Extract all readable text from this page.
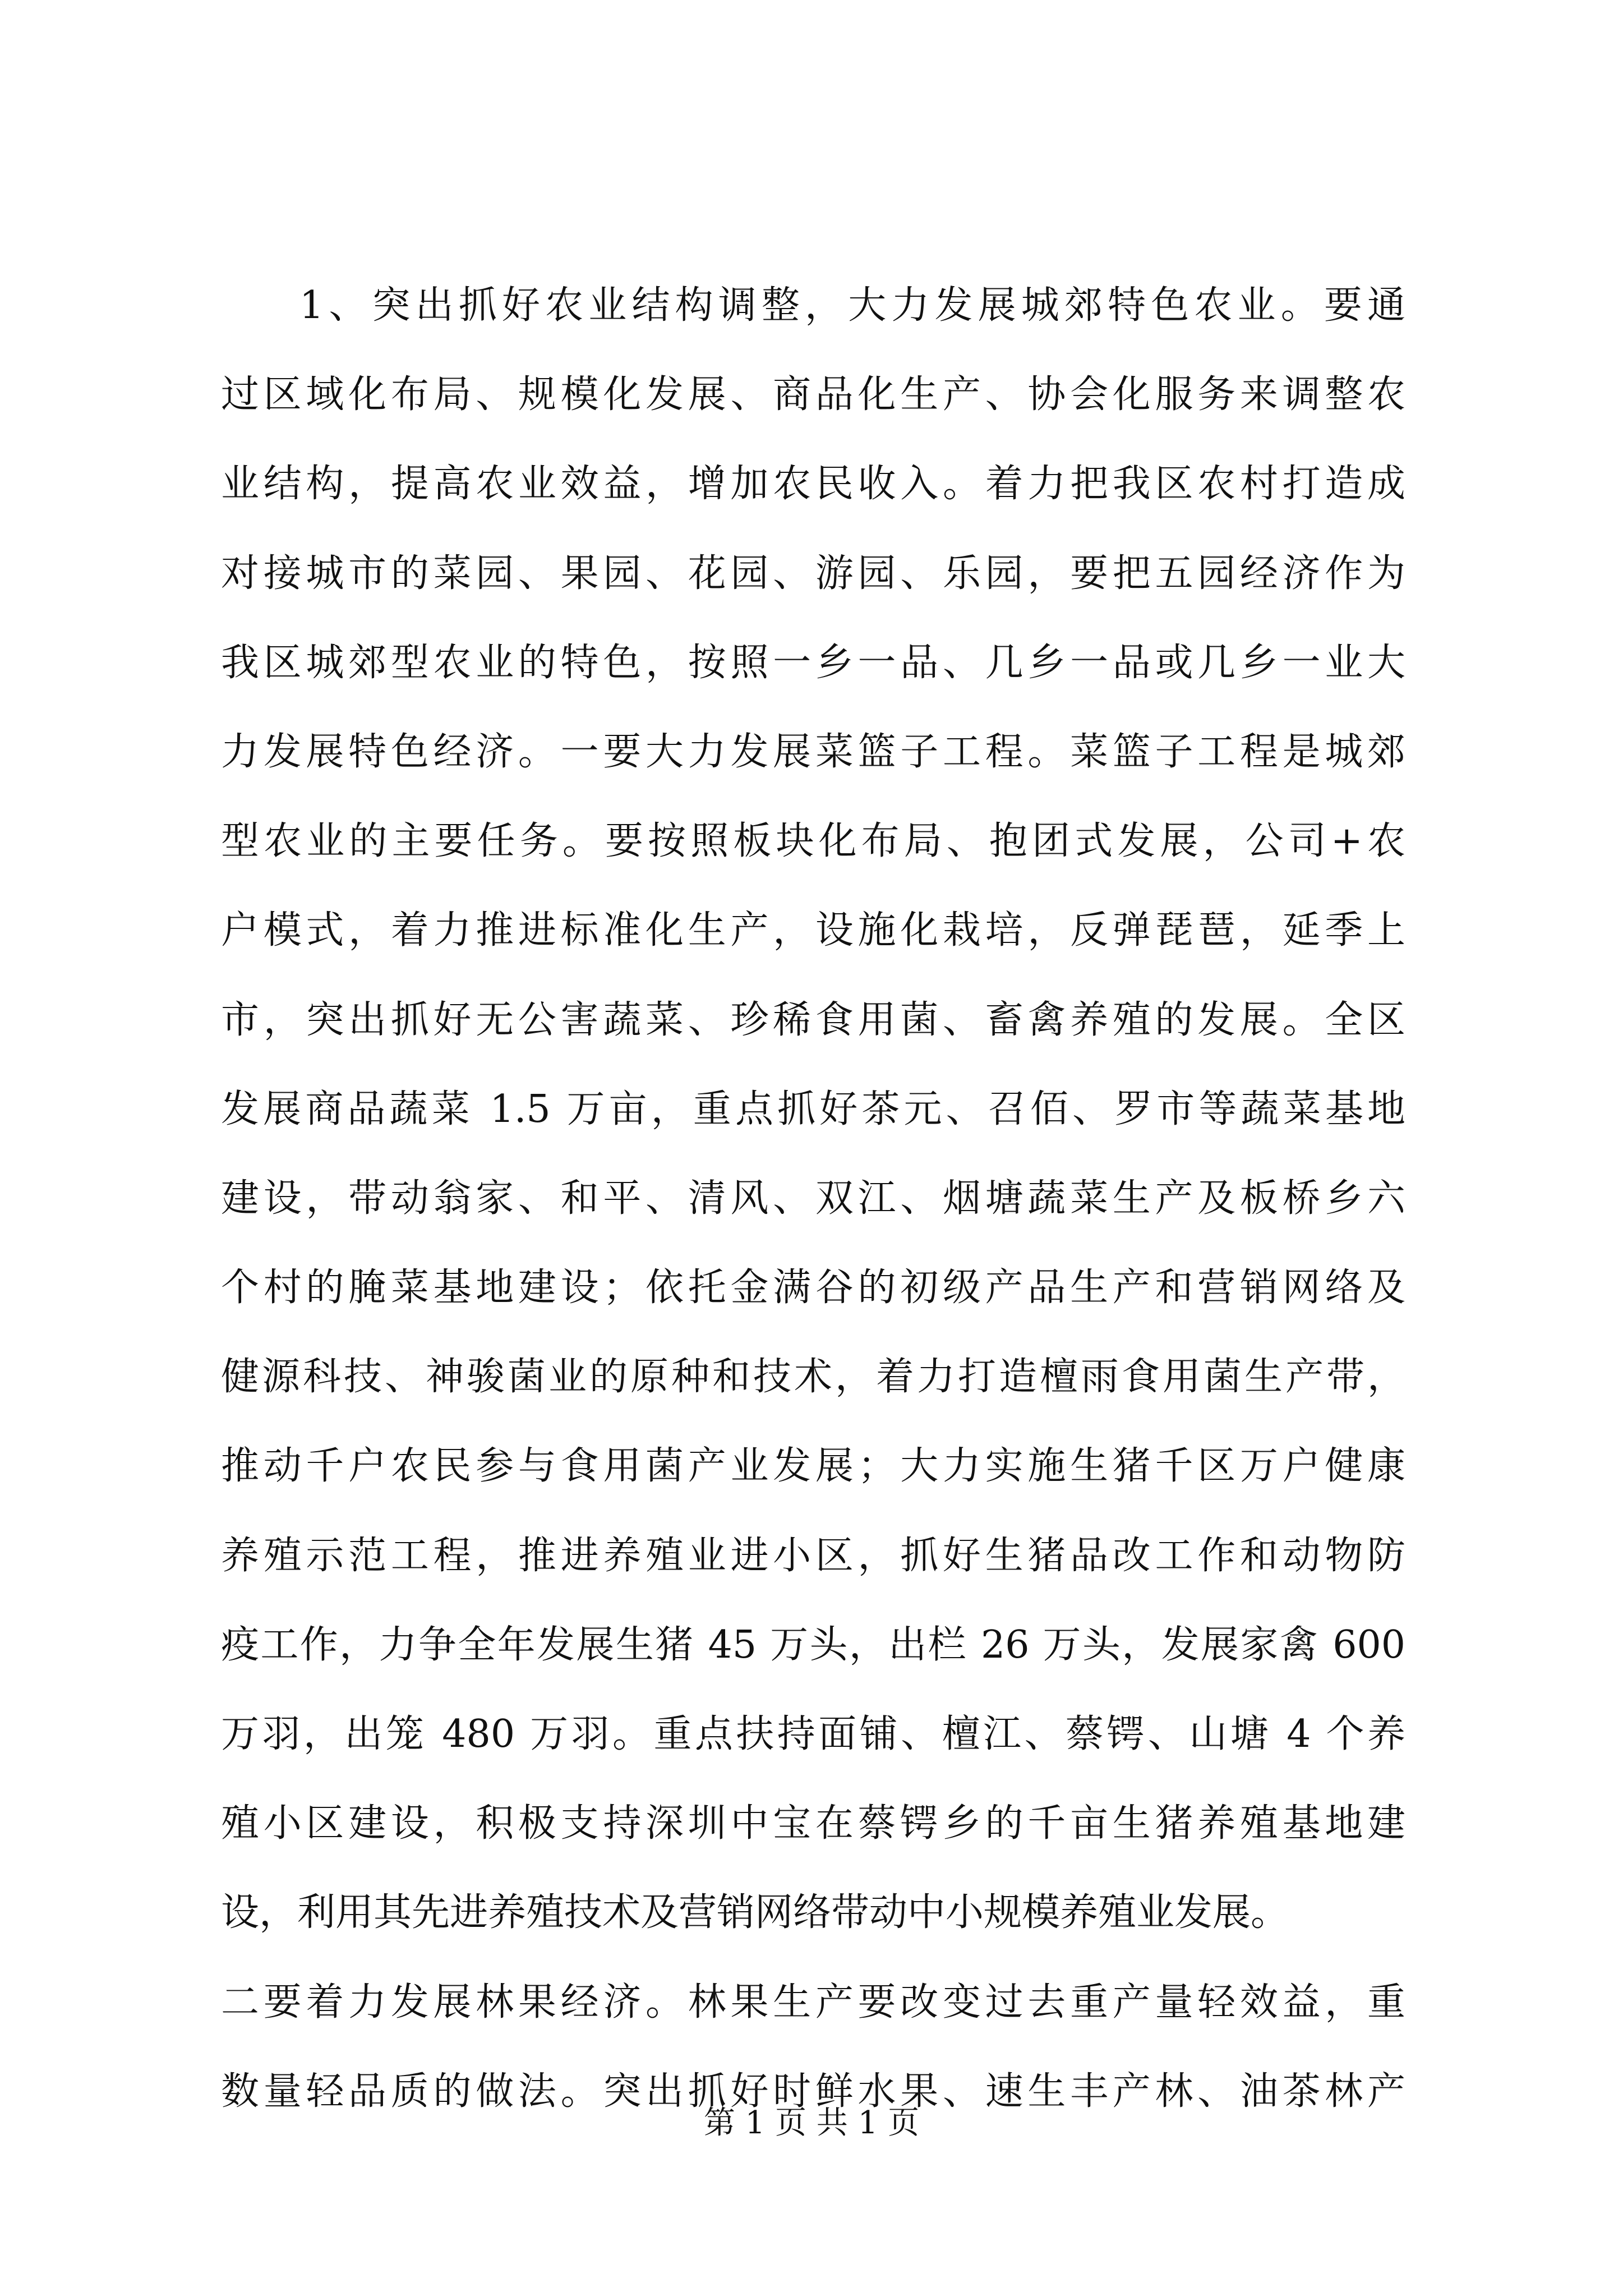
1、突出抓好农业结构调整，大力发展城郊特色农业。要通
过区域化布局、规模化发展、商品化生产、协会化服务来调整农
业结构，提高农业效益，增加农民收入。着力把我区农村打造成
对接城市的菜园、果园、花园、游园、乐园，要把五园经济作为
我区城郊型农业的特色，按照一乡一品、几乡一品或几乡一业大
力发展特色经济。一要大力发展菜篮子工程。菜篮子工程是城郊
型农业的主要任务。要按照板块化布局、抱团式发展，公司+农
户模式，着力推进标准化生产，设施化栽培，反弹琵琶，延季上
市，突出抓好无公害蔬菜、珍稀食用菌、畜禽养殖的发展。全区
发展商品蔬菜 1.5 万亩，重点抓好茶元、召佰、罗市等蔬菜基地
建设，带动翁家、和平、清风、双江、烟塘蔬菜生产及板桥乡六
个村的腌菜基地建设；依托金满谷的初级产品生产和营销网络及
健源科技、神骏菌业的原种和技术，着力打造檀雨食用菌生产带，
推动千户农民参与食用菌产业发展；大力实施生猪千区万户健康
养殖示范工程，推进养殖业进小区，抓好生猪品改工作和动物防
疫工作，力争全年发展生猪 45 万头，出栏 26 万头，发展家禽 600
万羽，出笼 480 万羽。重点扶持面铺、檀江、蔡锷、山塘 4 个养
殖小区建设，积极支持深圳中宝在蔡锷乡的千亩生猪养殖基地建
设，利用其先进养殖技术及营销网络带动中小规模养殖业发展。
二要着力发展林果经济。林果生产要改变过去重产量轻效益，重
数量轻品质的做法。突出抓好时鲜水果、速生丰产林、油茶林产
第 1 页 共 1 页
